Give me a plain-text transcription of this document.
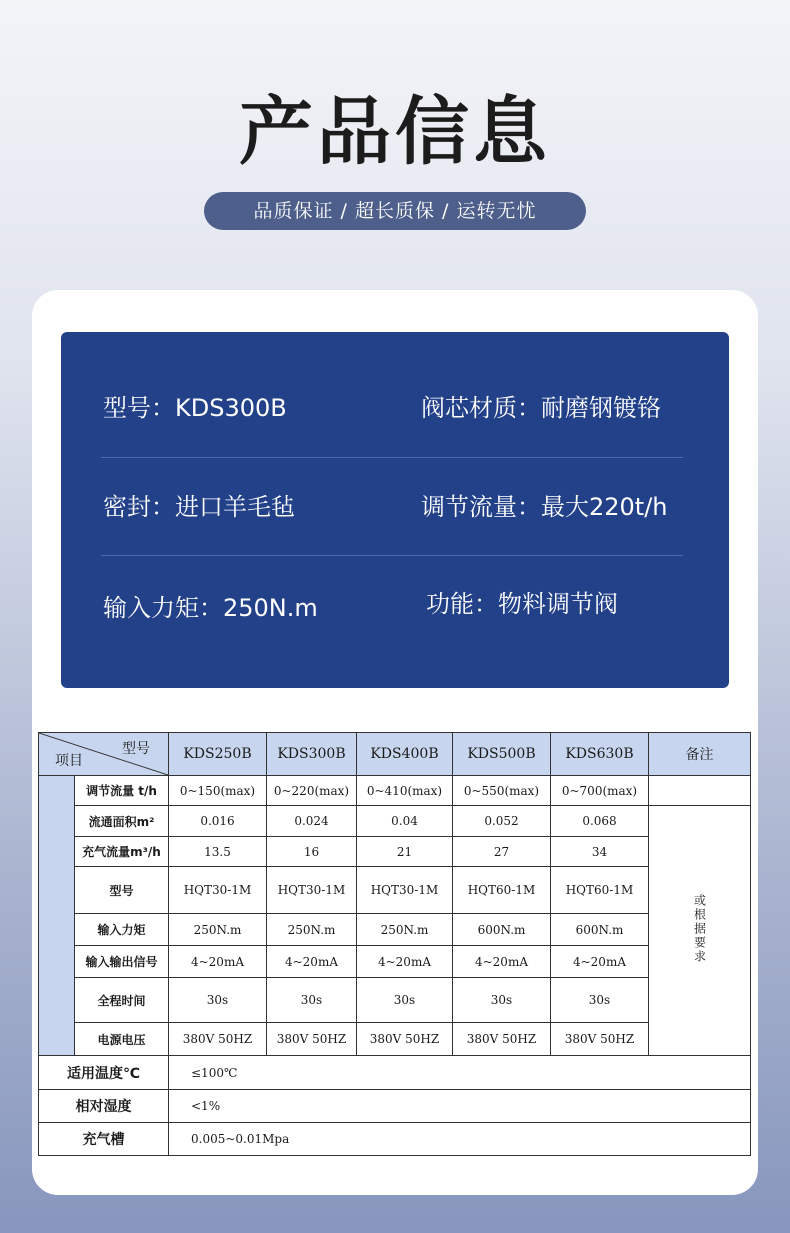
产品信息
品质保证 / 超长质保 / 运转无忧
型号：KDS300B	阀芯材质：耐磨钢镀铬
密封：进口羊毛毡	调节流量：最大220t/h
输入力矩：250N.m	功能：物料调节阀
型号
项目		KDS250B	KDS300B	KDS400B	KDS500B	KDS630B	备注
	调节流量 t/h	0~150(max)	0~220(max)	0~410(max)	0~550(max)	0~700(max)	
	流通面积m²	0.016	0.024	0.04	0.052	0.068	或根据要求
	充气流量m³/h	13.5	16	21	27	34	
	型号	HQT30-1M	HQT30-1M	HQT30-1M	HQT60-1M	HQT60-1M	
	输入力矩	250N.m	250N.m	250N.m	600N.m	600N.m	
	输入输出信号	4~20mA	4~20mA	4~20mA	4~20mA	4~20mA	
	全程时间	30s	30s	30s	30s	30s	
	电源电压	380V 50HZ	380V 50HZ	380V 50HZ	380V 50HZ	380V 50HZ	
适用温度℃		≤100℃					
相对湿度		<1%					
充气槽		0.005~0.01Mpa					
